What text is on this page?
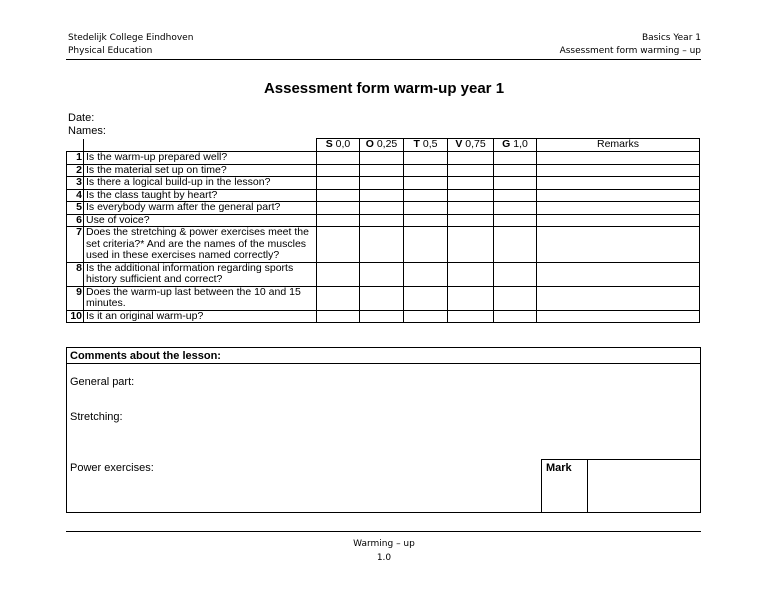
Stedelijk College Eindhoven
Physical Education
Basics Year 1
Assessment form warming – up
Assessment form warm-up year 1
Date:
Names:
		S 0,0	O 0,25	T 0,5	V 0,75	G 1,0	Remarks
1	Is the warm-up prepared well?						

2	Is the material set up on time?						

3	Is there a logical build-up in the lesson?						

4	Is the class taught by heart?						

5	Is everybody warm after the general part?						

6	Use of voice?						

7	Does the stretching & power exercises meet the
set criteria?* And are the names of the muscles
used in these exercises named correctly?						

8	Is the additional information regarding sports
history sufficient and correct?						

9	Does the warm-up last between the 10 and 15
minutes.						

10	Is it an original warm-up?						

Comments about the lesson:
General part:
Stretching:
Power exercises:	Mark
Warming – up
1.0
